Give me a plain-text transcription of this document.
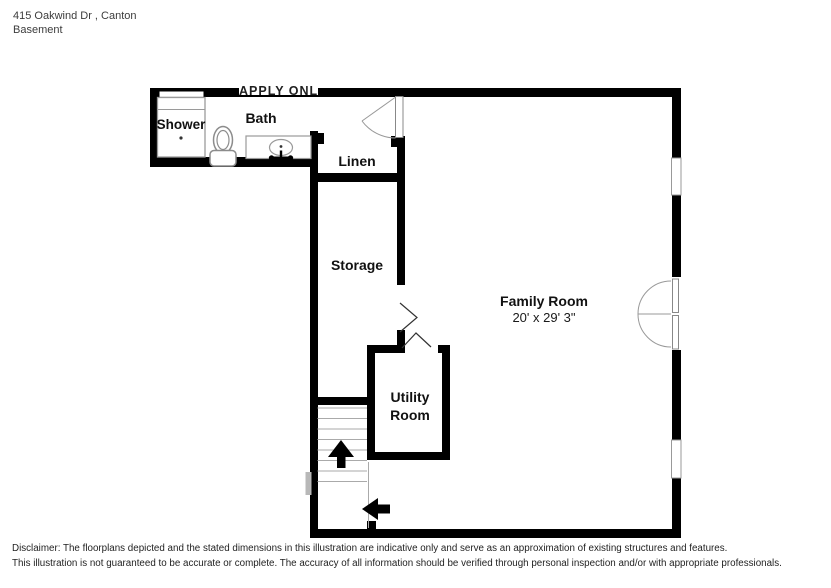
415 Oakwind Dr , Canton
Basement
APPLY ONL
Shower	Bath
Linen
Storage
Family Room
20' x 29' 3"
Utility Room
Disclaimer: The floorplans depicted and the stated dimensions in this illustration are indicative only and serve as an approximation of existing structures and features.
This illustration is not guaranteed to be accurate or complete. The accuracy of all information should be verified through personal inspection and/or with appropriate professionals.
